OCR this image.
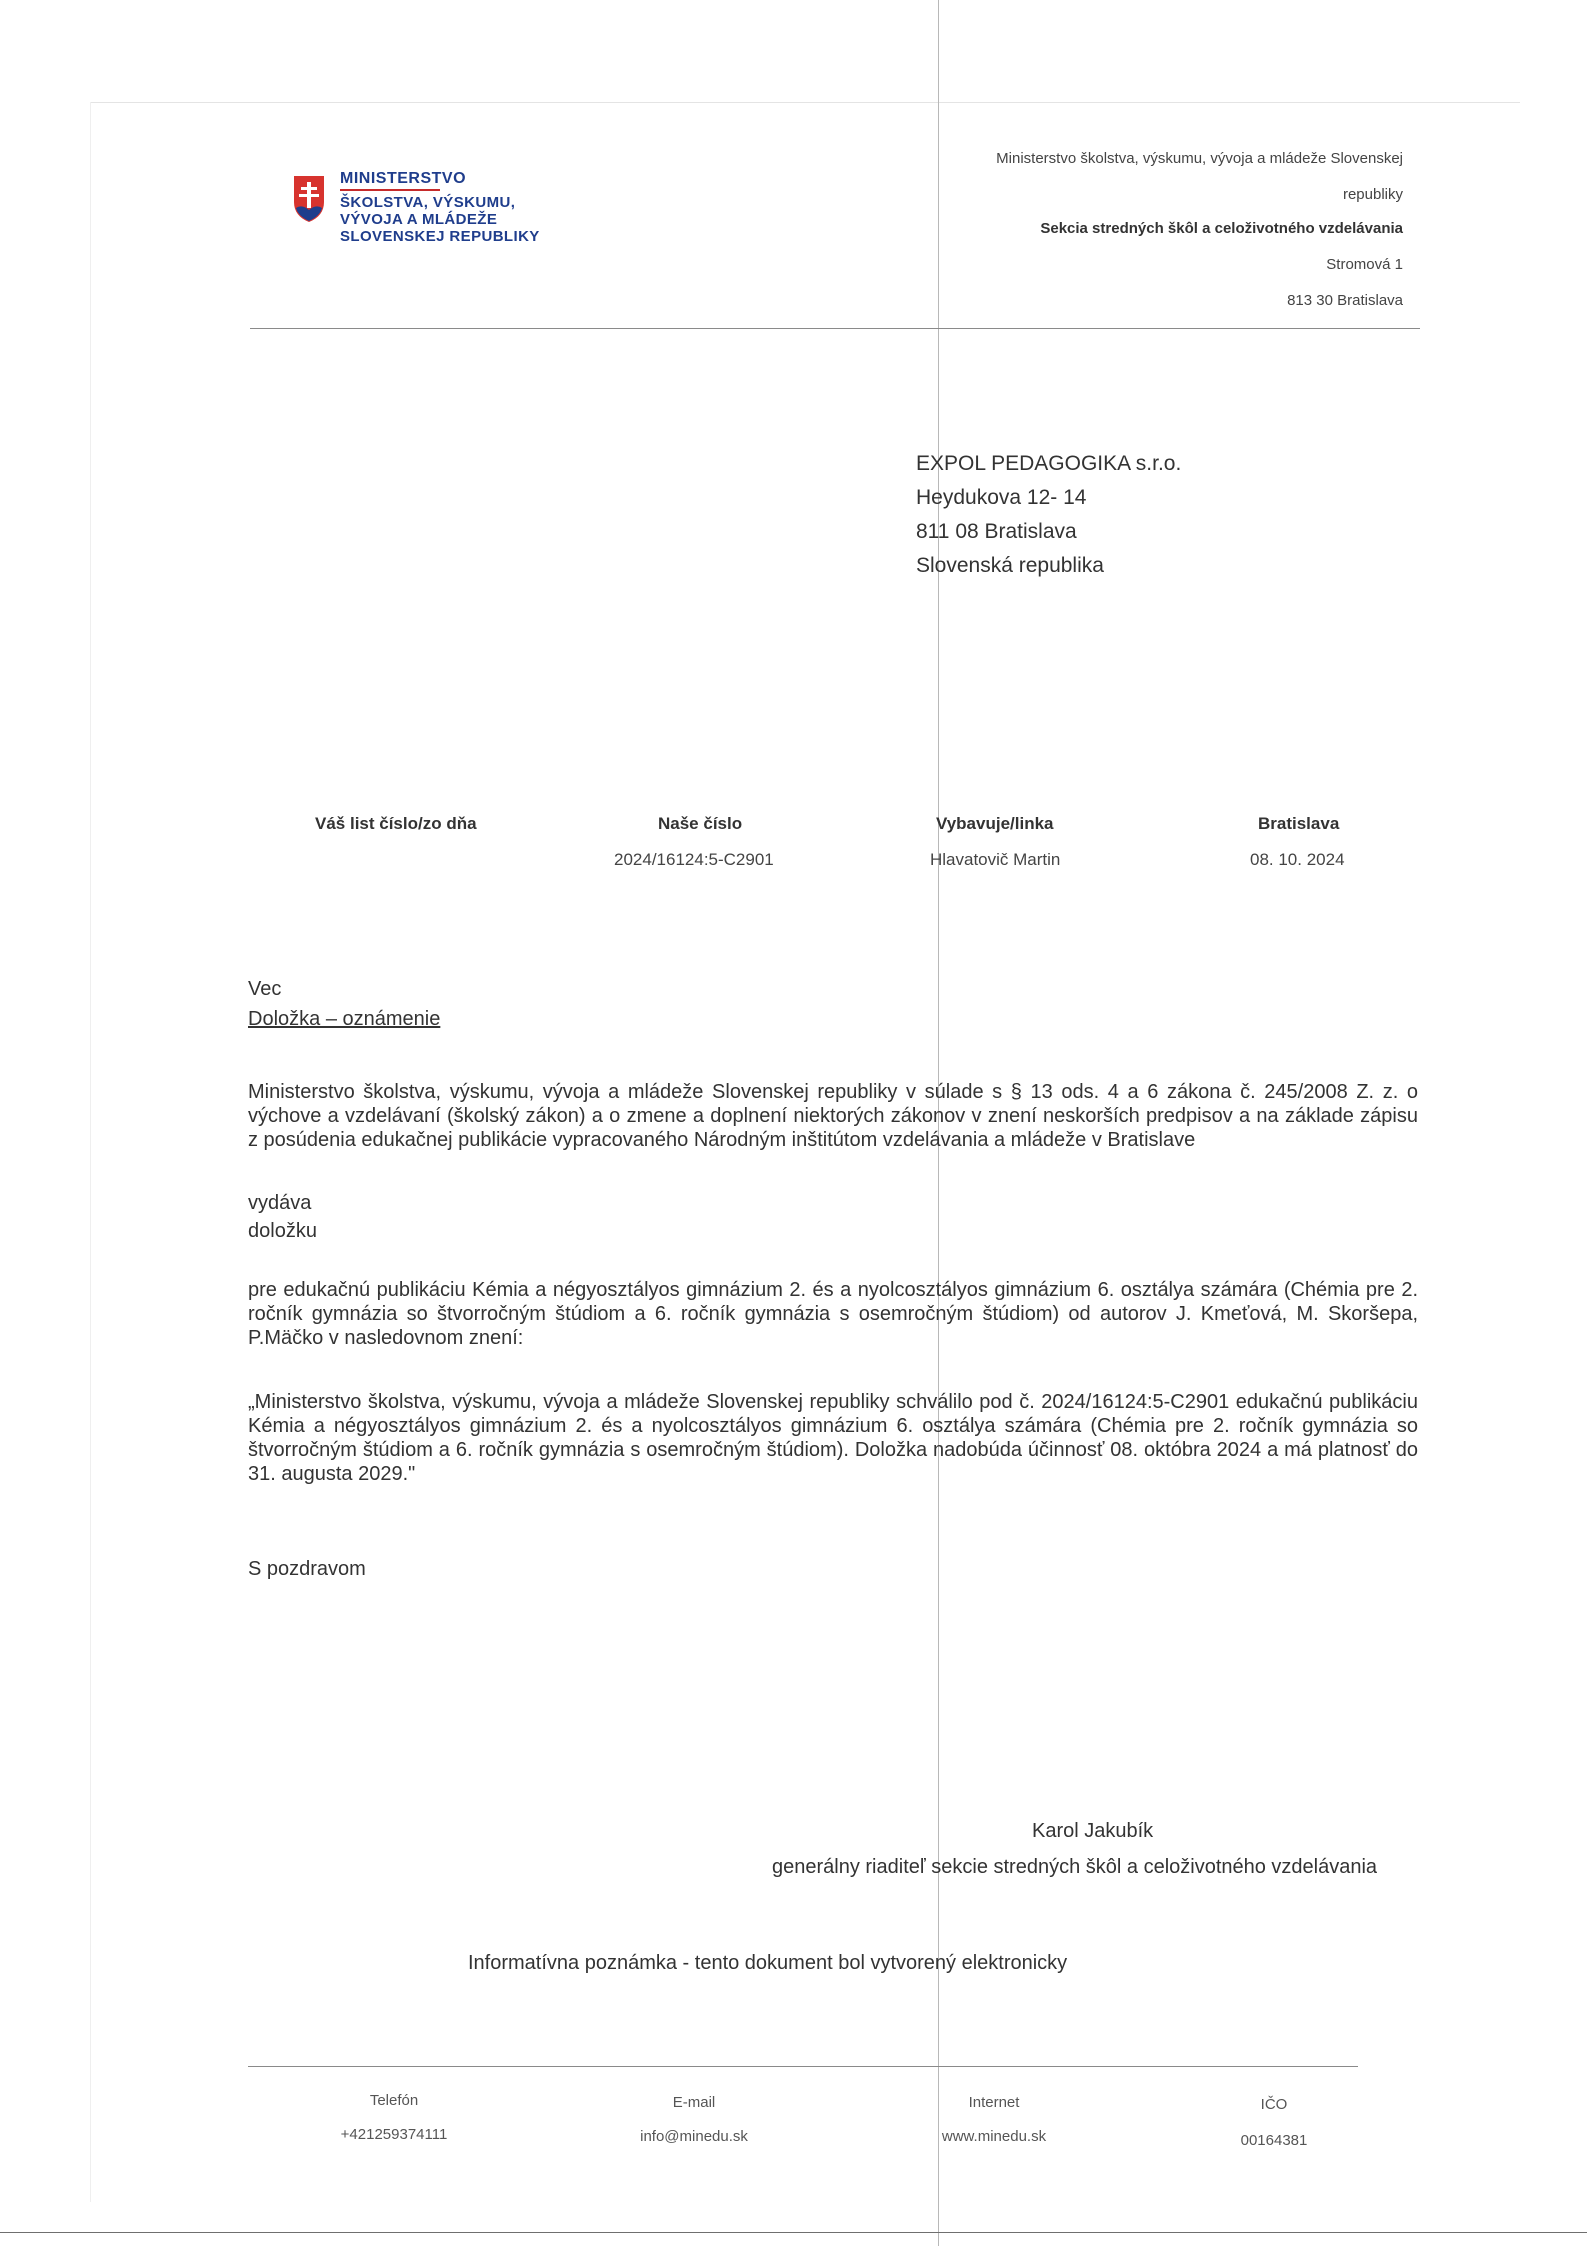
MINISTERSTVO
ŠKOLSTVA, VÝSKUMU,
VÝVOJA A MLÁDEŽE
SLOVENSKEJ REPUBLIKY
Ministerstvo školstva, výskumu, vývoja a mládeže Slovenskej
republiky
Sekcia stredných škôl a celoživotného vzdelávania
Stromová 1
813 30 Bratislava
EXPOL PEDAGOGIKA s.r.o.
Heydukova 12- 14
811 08 Bratislava
Slovenská republika
Váš list číslo/zo dňa	Naše číslo
2024/16124:5-C2901
Vybavuje/linka
Hlavatovič Martin
Bratislava
08. 10. 2024
Vec
Doložka – oznámenie
Ministerstvo školstva, výskumu, vývoja a mládeže Slovenskej republiky v súlade s § 13 ods. 4 a 6 zákona č. 245/2008 Z. z. o výchove a vzdelávaní (školský zákon) a o zmene a doplnení niektorých zákonov v znení neskorších predpisov a na základe zápisu z posúdenia edukačnej publikácie vypracovaného Národným inštitútom vzdelávania a mládeže v Bratislave
vydáva
doložku
pre edukačnú publikáciu Kémia a négyosztályos gimnázium 2. és a nyolcosztályos gimnázium 6. osztálya számára (Chémia pre 2. ročník gymnázia so štvorročným štúdiom a 6. ročník gymnázia s osemročným štúdiom) od autorov J. Kmeťová, M. Skoršepa, P.Mäčko v nasledovnom znení:
„Ministerstvo školstva, výskumu, vývoja a mládeže Slovenskej republiky schválilo pod č. 2024/16124:5-C2901 edukačnú publikáciu Kémia a négyosztályos gimnázium 2. és a nyolcosztályos gimnázium 6. osztálya számára (Chémia pre 2. ročník gymnázia so štvorročným štúdiom a 6. ročník gymnázia s osemročným štúdiom). Doložka nadobúda účinnosť 08. októbra 2024 a má platnosť do 31. augusta 2029."
S pozdravom
Karol Jakubík
generálny riaditeľ sekcie stredných škôl a celoživotného vzdelávania
Informatívna poznámka - tento dokument bol vytvorený elektronicky
Telefón
+421259374111
E-mail
info@minedu.sk
Internet
www.minedu.sk
IČO
00164381
